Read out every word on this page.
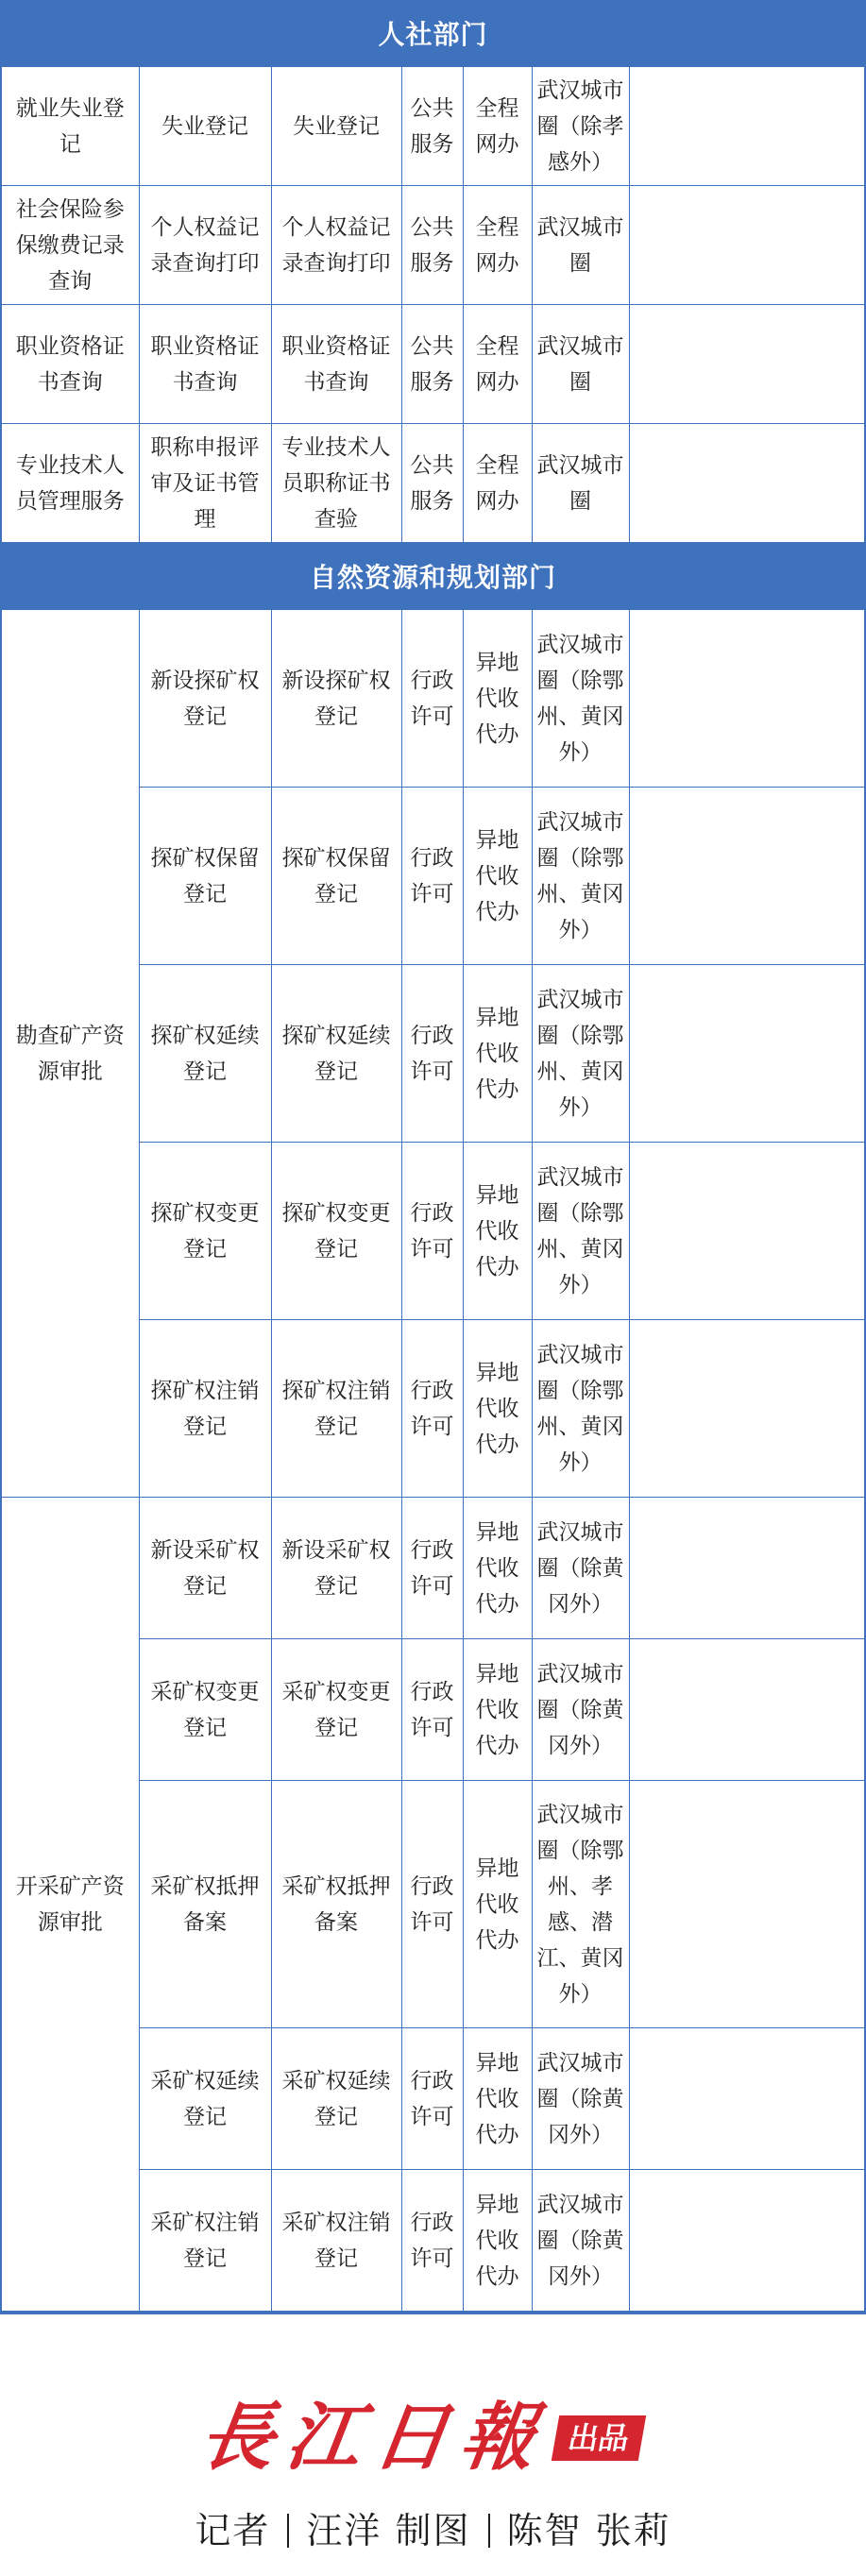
人社部门
就业失业登记	失业登记	失业登记	公共服务	全程网办	武汉城市圈（除孝感外）	
社会保险参保缴费记录查询	个人权益记录查询打印	个人权益记录查询打印	公共服务	全程网办	武汉城市圈	
职业资格证书查询	职业资格证书查询	职业资格证书查询	公共服务	全程网办	武汉城市圈	
专业技术人员管理服务	职称申报评审及证书管理	专业技术人员职称证书查验	公共服务	全程网办	武汉城市圈	
自然资源和规划部门
勘查矿产资源审批	新设探矿权登记	新设探矿权登记	行政许可	异地代收代办	武汉城市圈（除鄂州、黄冈外）	
	探矿权保留登记	探矿权保留登记	行政许可	异地代收代办	武汉城市圈（除鄂州、黄冈外）	
	探矿权延续登记	探矿权延续登记	行政许可	异地代收代办	武汉城市圈（除鄂州、黄冈外）	
	探矿权变更登记	探矿权变更登记	行政许可	异地代收代办	武汉城市圈（除鄂州、黄冈外）	
	探矿权注销登记	探矿权注销登记	行政许可	异地代收代办	武汉城市圈（除鄂州、黄冈外）	
开采矿产资源审批	新设采矿权登记	新设采矿权登记	行政许可	异地代收代办	武汉城市圈（除黄冈外）	
	采矿权变更登记	采矿权变更登记	行政许可	异地代收代办	武汉城市圈（除黄冈外）	
	采矿权抵押备案	采矿权抵押备案	行政许可	异地代收代办	武汉城市圈（除鄂州、孝感、潜江、黄冈外）	
	采矿权延续登记	采矿权延续登记	行政许可	异地代收代办	武汉城市圈（除黄冈外）	
	采矿权注销登记	采矿权注销登记	行政许可	异地代收代办	武汉城市圈（除黄冈外）	
長江日報 出品
记者 汪洋 制图 陈智 张莉
